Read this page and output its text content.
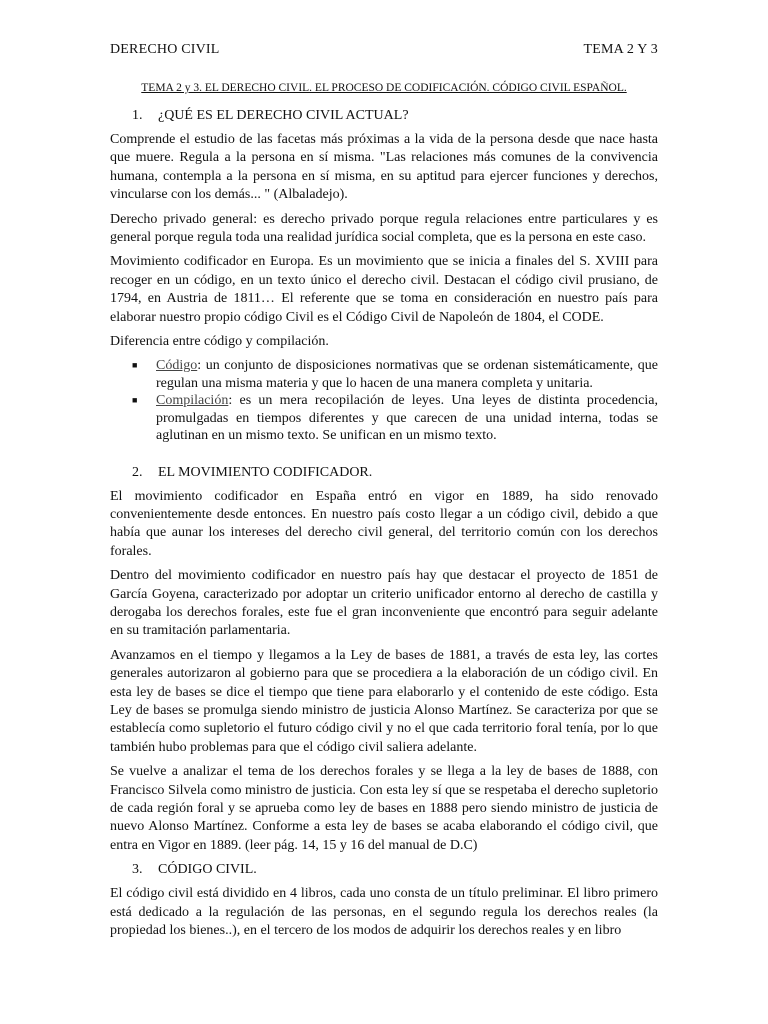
DERECHO CIVIL	TEMA 2 Y 3
TEMA 2 y 3. EL DERECHO CIVIL. EL PROCESO DE CODIFICACIÓN. CÓDIGO CIVIL ESPAÑOL.
1.	¿QUÉ ES EL DERECHO CIVIL ACTUAL?

Comprende el estudio de las facetas más próximas a la vida de la persona desde que nace hasta que muere. Regula a la persona en sí misma. "Las relaciones más comunes de la convivencia humana, contempla a la persona en sí misma, en su aptitud para ejercer funciones y derechos, vincularse con los demás... " (Albaladejo).

Derecho privado general: es derecho privado porque regula relaciones entre particulares y es general porque regula toda una realidad jurídica social completa, que es la persona en este caso.

Movimiento codificador en Europa. Es un movimiento que se inicia a finales del S. XVIII para recoger en un código, en un texto único el derecho civil. Destacan el código civil prusiano, de 1794, en Austria de 1811… El referente que se toma en consideración en nuestro país para elaborar nuestro propio código Civil es el Código Civil de Napoleón de 1804, el CODE.

Diferencia entre código y compilación.

■	Código: un conjunto de disposiciones normativas que se ordenan sistemáticamente, que regulan una misma materia y que lo hacen de una manera completa y unitaria.
■	Compilación: es un mera recopilación de leyes. Una leyes de distinta procedencia, promulgadas en tiempos diferentes y que carecen de una unidad interna, todas se aglutinan en un mismo texto. Se unifican en un mismo texto.
2.	EL MOVIMIENTO CODIFICADOR.

El movimiento codificador en España entró en vigor en 1889, ha sido renovado convenientemente desde entonces. En nuestro país costo llegar a un código civil, debido a que había que aunar los intereses del derecho civil general, del territorio común con los derechos forales.

Dentro del movimiento codificador en nuestro país hay que destacar el proyecto de 1851 de García Goyena, caracterizado por adoptar un criterio unificador entorno al derecho de castilla y derogaba los derechos forales, este fue el gran inconveniente que encontró para seguir adelante en su tramitación parlamentaria.

Avanzamos en el tiempo y llegamos a la Ley de bases de 1881, a través de esta ley, las cortes generales autorizaron al gobierno para que se procediera a la elaboración de un código civil. En esta ley de bases se dice el tiempo que tiene para elaborarlo y el contenido de este código. Esta Ley de bases se promulga siendo ministro de justicia Alonso Martínez. Se caracteriza por que se establecía como supletorio el futuro código civil y no el que cada territorio foral tenía, por lo que también hubo problemas para que el código civil saliera adelante.

Se vuelve a analizar el tema de los derechos forales y se llega a la ley de bases de 1888, con Francisco Silvela como ministro de justicia. Con esta ley sí que se respetaba el derecho supletorio de cada región foral y se aprueba como ley de bases en 1888 pero siendo ministro de justicia de nuevo Alonso Martínez. Conforme a esta ley de bases se acaba elaborando el código civil, que entra en Vigor en 1889. (leer pág. 14, 15 y 16 del manual de D.C)

3.	CÓDIGO CIVIL.

El código civil está dividido en 4 libros, cada uno consta de un título preliminar. El libro primero está dedicado a la regulación de las personas, en el segundo regula los derechos reales (la propiedad los bienes..), en el tercero de los modos de adquirir los derechos reales y en libro
